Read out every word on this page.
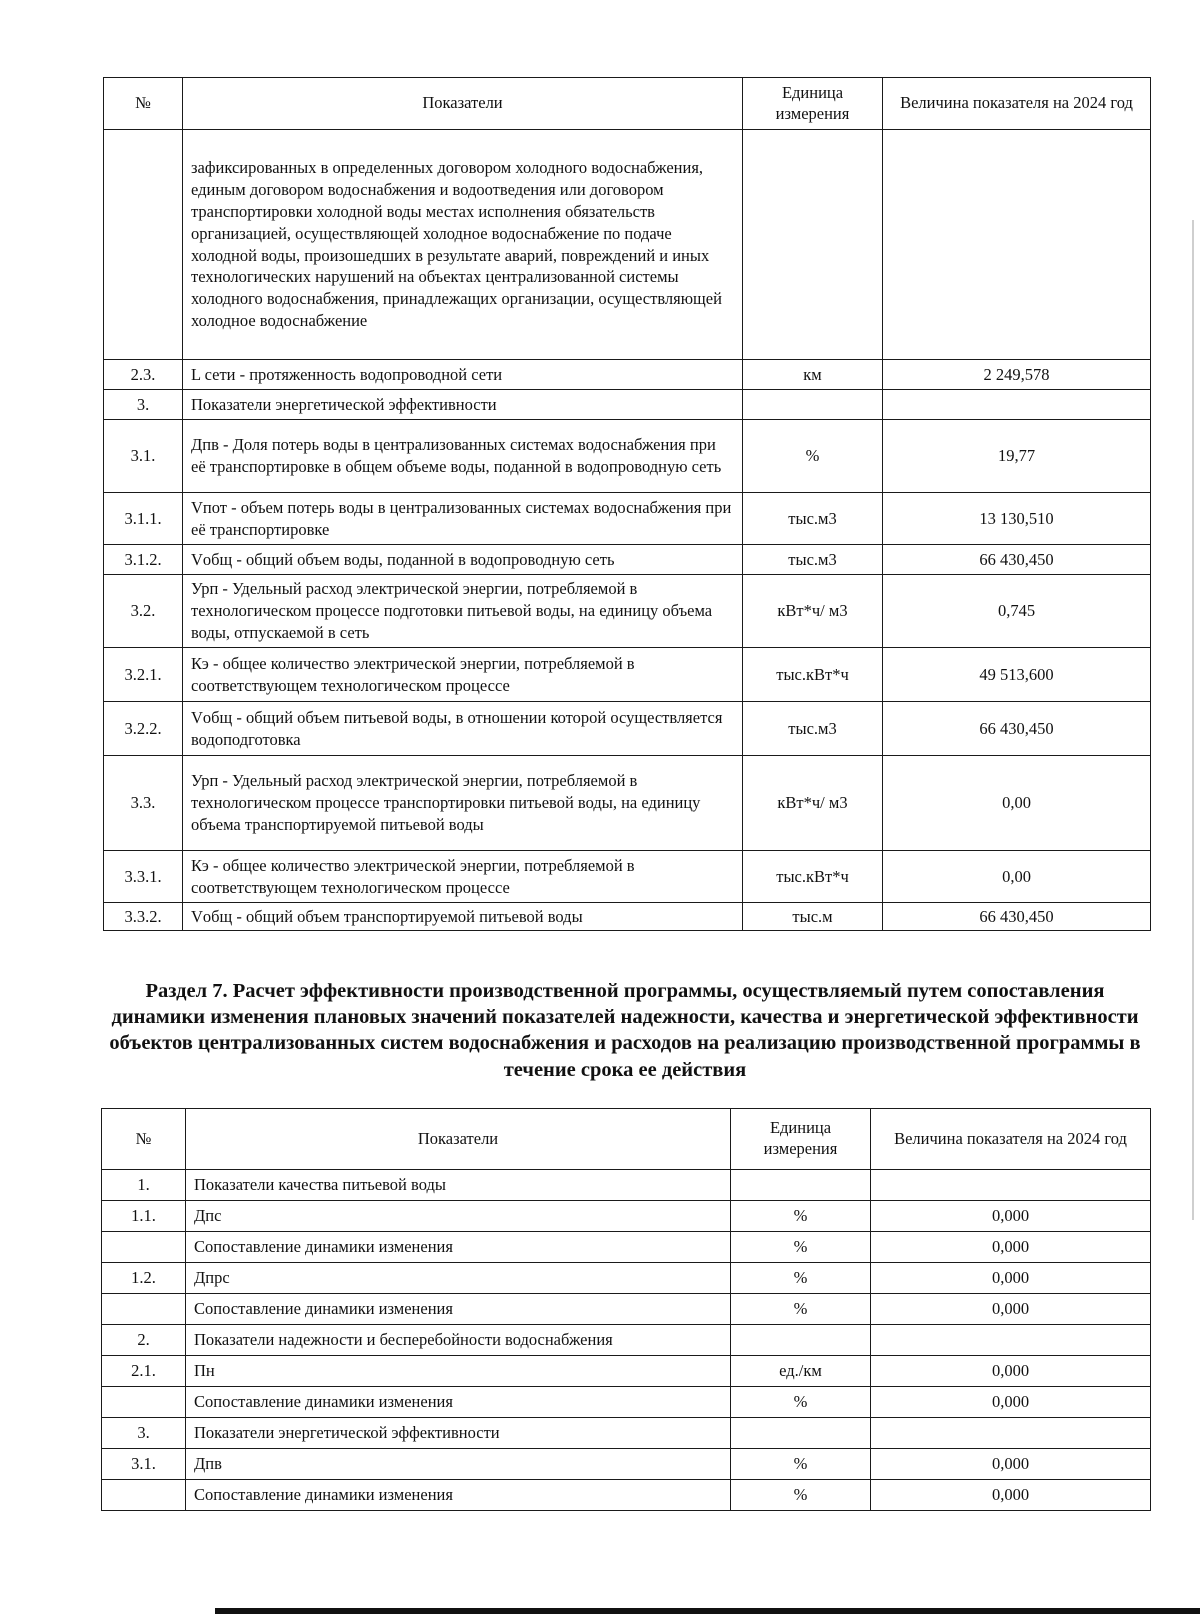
№	Показатели	Единица измерения	Величина показателя на 2024 год
	зафиксированных в определенных договором холодного водоснабжения, единым договором водоснабжения и водоотведения или договором транспортировки холодной воды местах исполнения обязательств организацией, осуществляющей холодное водоснабжение по подаче холодной воды, произошедших в результате аварий, повреждений и иных технологических нарушений на объектах централизованной системы холодного водоснабжения, принадлежащих организации, осуществляющей холодное водоснабжение		
2.3.	L сети - протяженность водопроводной сети	км	2 249,578
3.	Показатели энергетической эффективности		
3.1.	Дпв - Доля потерь воды в централизованных системах водоснабжения при её транспортировке в общем объеме воды, поданной в водопроводную сеть	%	19,77
3.1.1.	Vпот - объем потерь воды в централизованных системах водоснабжения при её транспортировке	тыс.м3	13 130,510
3.1.2.	Vобщ - общий объем воды, поданной в водопроводную сеть	тыс.м3	66 430,450
3.2.	Урп - Удельный расход электрической энергии, потребляемой в технологическом процессе подготовки питьевой воды, на единицу объема воды, отпускаемой в сеть	кВт*ч/ м3	0,745
3.2.1.	Кэ - общее количество электрической энергии, потребляемой в соответствующем технологическом процессе	тыс.кВт*ч	49 513,600
3.2.2.	Vобщ - общий объем питьевой воды, в отношении которой осуществляется водоподготовка	тыс.м3	66 430,450
3.3.	Урп - Удельный расход электрической энергии, потребляемой в технологическом процессе транспортировки питьевой воды, на единицу объема транспортируемой питьевой воды	кВт*ч/ м3	0,00
3.3.1.	Кэ - общее количество электрической энергии, потребляемой в соответствующем технологическом процессе	тыс.кВт*ч	0,00
3.3.2.	Vобщ - общий объем транспортируемой питьевой воды	тыс.м	66 430,450
Раздел 7. Расчет эффективности производственной программы, осуществляемый путем сопоставления динамики изменения плановых значений показателей надежности, качества и энергетической эффективности объектов централизованных систем водоснабжения и расходов на реализацию производственной программы в течение срока ее действия
№	Показатели	Единица измерения	Величина показателя на 2024 год
1.	Показатели качества питьевой воды		
1.1.	Дпс	%	0,000
	Сопоставление динамики изменения	%	0,000
1.2.	Дпрс	%	0,000
	Сопоставление динамики изменения	%	0,000
2.	Показатели надежности и бесперебойности водоснабжения		
2.1.	Пн	ед./км	0,000
	Сопоставление динамики изменения	%	0,000
3.	Показатели энергетической эффективности		
3.1.	Дпв	%	0,000
	Сопоставление динамики изменения	%	0,000
